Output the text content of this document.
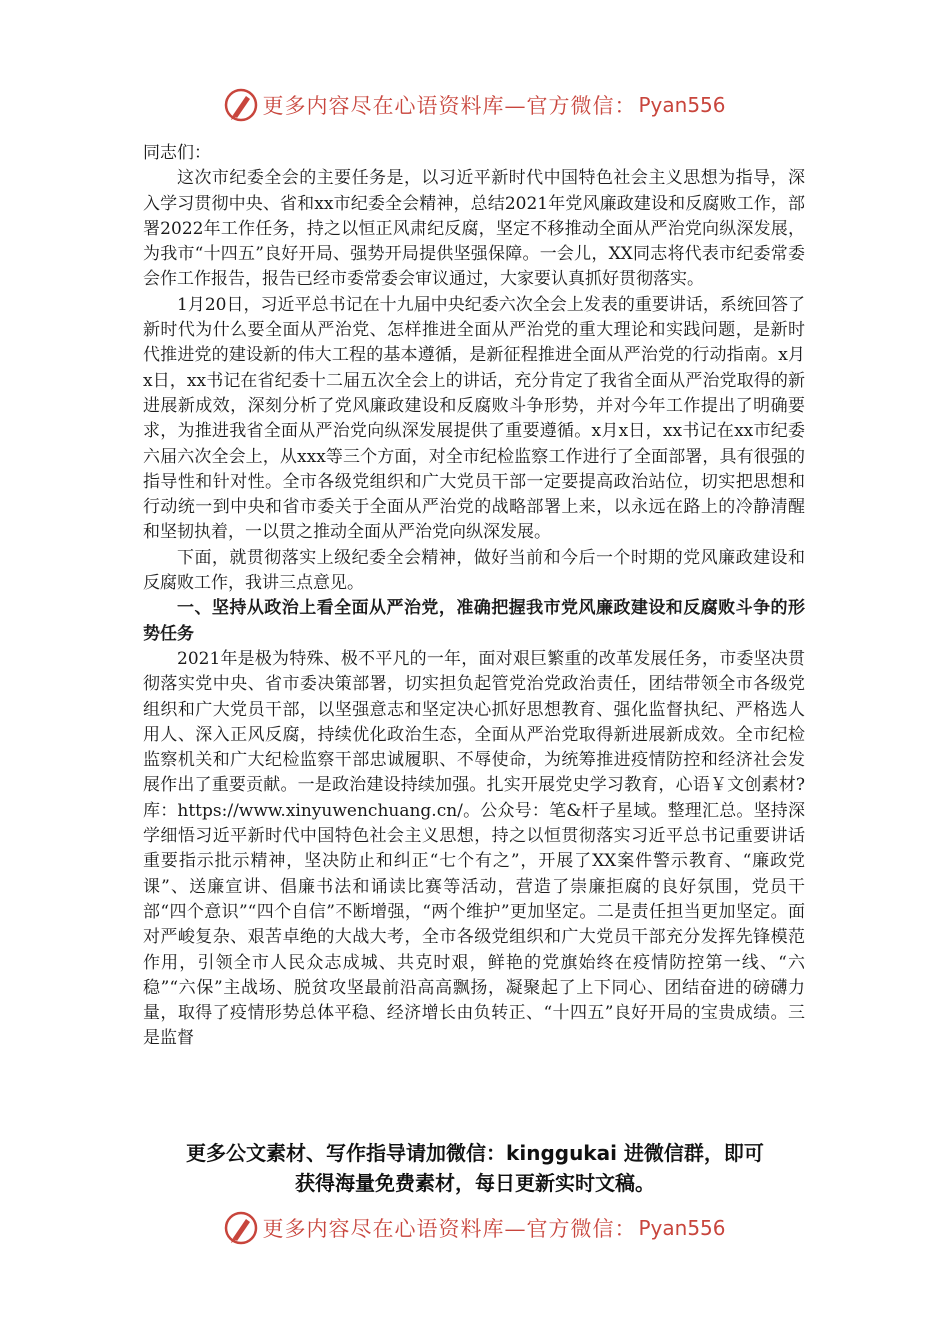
更多内容尽在心语资料库—官方微信： Pyan556

同志们：

这次市纪委全会的主要任务是，以习近平新时代中国特色社会主义思想为指导，深入学习贯彻中央、省和xx市纪委全会精神，总结2021年党风廉政建设和反腐败工作，部署2022年工作任务，持之以恒正风肃纪反腐，坚定不移推动全面从严治党向纵深发展，为我市“十四五”良好开局、强势开局提供坚强保障。一会儿，XX同志将代表市纪委常委会作工作报告，报告已经市委常委会审议通过，大家要认真抓好贯彻落实。

1月20日，习近平总书记在十九届中央纪委六次全会上发表的重要讲话，系统回答了新时代为什么要全面从严治党、怎样推进全面从严治党的重大理论和实践问题，是新时代推进党的建设新的伟大工程的基本遵循，是新征程推进全面从严治党的行动指南。x月x日，xx书记在省纪委十二届五次全会上的讲话，充分肯定了我省全面从严治党取得的新进展新成效，深刻分析了党风廉政建设和反腐败斗争形势，并对今年工作提出了明确要求，为推进我省全面从严治党向纵深发展提供了重要遵循。x月x日，xx书记在xx市纪委六届六次全会上，从xxx等三个方面，对全市纪检监察工作进行了全面部署，具有很强的指导性和针对性。全市各级党组织和广大党员干部一定要提高政治站位，切实把思想和行动统一到中央和省市委关于全面从严治党的战略部署上来，以永远在路上的冷静清醒和坚韧执着，一以贯之推动全面从严治党向纵深发展。

下面，就贯彻落实上级纪委全会精神，做好当前和今后一个时期的党风廉政建设和反腐败工作，我讲三点意见。

一、坚持从政治上看全面从严治党，准确把握我市党风廉政建设和反腐败斗争的形势任务

2021年是极为特殊、极不平凡的一年，面对艰巨繁重的改革发展任务，市委坚决贯彻落实党中央、省市委决策部署，切实担负起管党治党政治责任，团结带领全市各级党组织和广大党员干部，以坚强意志和坚定决心抓好思想教育、强化监督执纪、严格选人用人、深入正风反腐，持续优化政治生态，全面从严治党取得新进展新成效。全市纪检监察机关和广大纪检监察干部忠诚履职、不辱使命，为统筹推进疫情防控和经济社会发展作出了重要贡献。一是政治建设持续加强。扎实开展党史学习教育，心语￥文创素材?库：https://www.xinyuwenchuang.cn/。公众号：笔&杆子星域。整理汇总。坚持深学细悟习近平新时代中国特色社会主义思想，持之以恒贯彻落实习近平总书记重要讲话重要指示批示精神，坚决防止和纠正“七个有之”，开展了XX案件警示教育、“廉政党课”、送廉宣讲、倡廉书法和诵读比赛等活动，营造了崇廉拒腐的良好氛围，党员干部“四个意识”“四个自信”不断增强，“两个维护”更加坚定。二是责任担当更加坚定。面对严峻复杂、艰苦卓绝的大战大考，全市各级党组织和广大党员干部充分发挥先锋模范作用，引领全市人民众志成城、共克时艰，鲜艳的党旗始终在疫情防控第一线、“六稳”“六保”主战场、脱贫攻坚最前沿高高飘扬，凝聚起了上下同心、团结奋进的磅礴力量，取得了疫情形势总体平稳、经济增长由负转正、“十四五”良好开局的宝贵成绩。三是监督

更多公文素材、写作指导请加微信：kinggukai 进微信群，即可
获得海量免费素材，每日更新实时文稿。
更多内容尽在心语资料库—官方微信： Pyan556
